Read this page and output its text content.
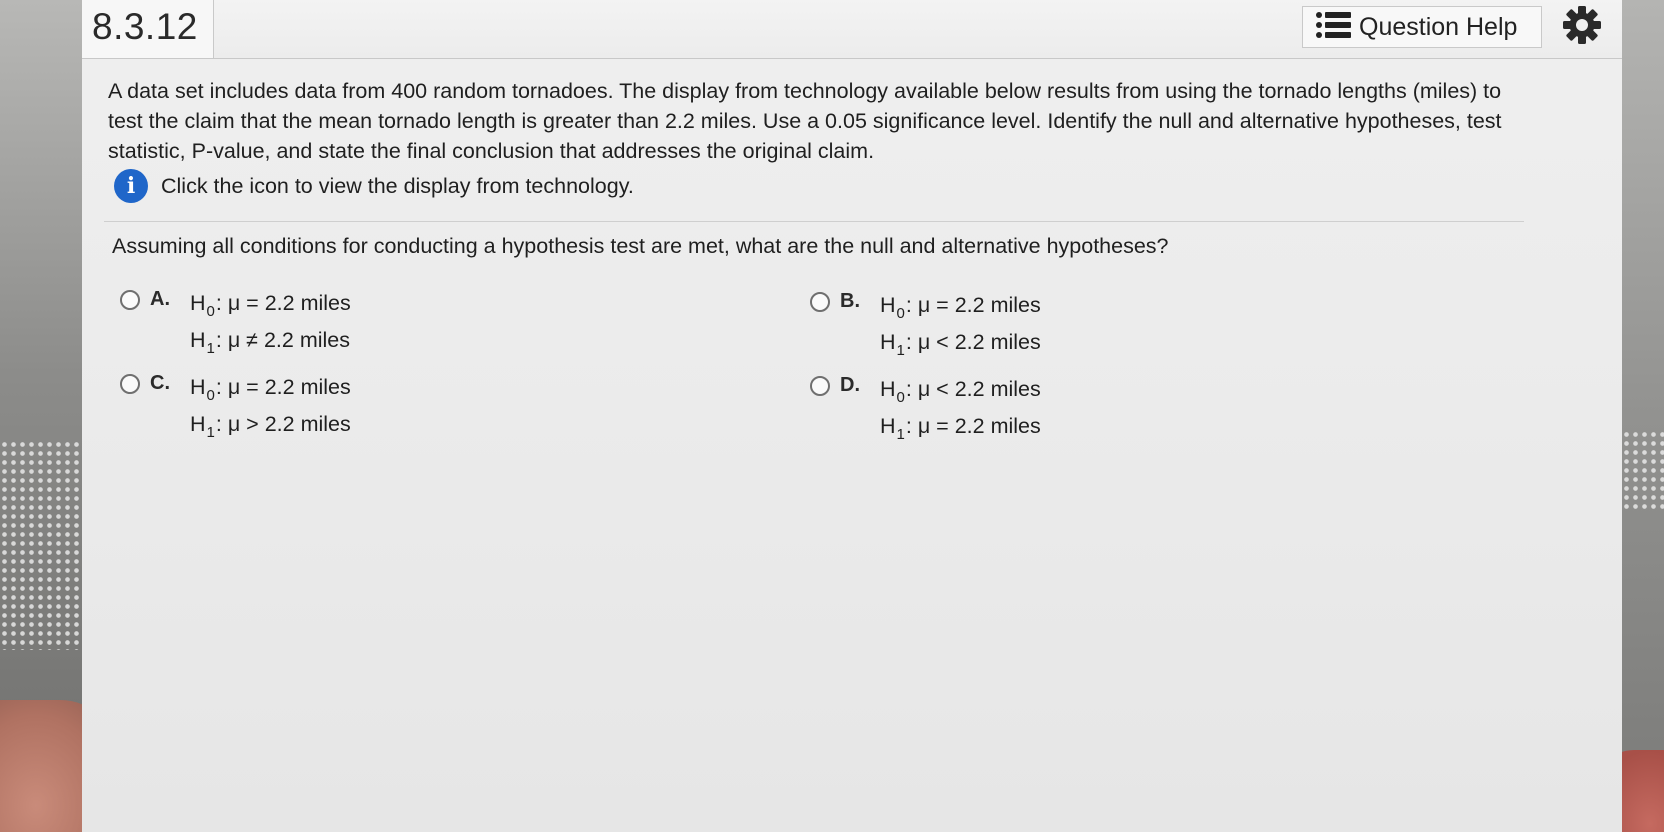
8.3.12	Question Help
A data set includes data from 400 random tornadoes. The display from technology available below results from using the tornado lengths (miles) to test the claim that the mean tornado length is greater than 2.2 miles. Use a 0.05 significance level. Identify the null and alternative hypotheses, test statistic, P-value, and state the final conclusion that addresses the original claim.
i	Click the icon to view the display from technology.
Assuming all conditions for conducting a hypothesis test are met, what are the null and alternative hypotheses?
A. H 0 : μ = 2.2 miles
H 1 : μ ≠ 2.2 miles
B. H 0 : μ = 2.2 miles
H 1 : μ < 2.2 miles
C. H 0 : μ = 2.2 miles
H 1 : μ > 2.2 miles
D. H 0 : μ < 2.2 miles
H 1 : μ = 2.2 miles
